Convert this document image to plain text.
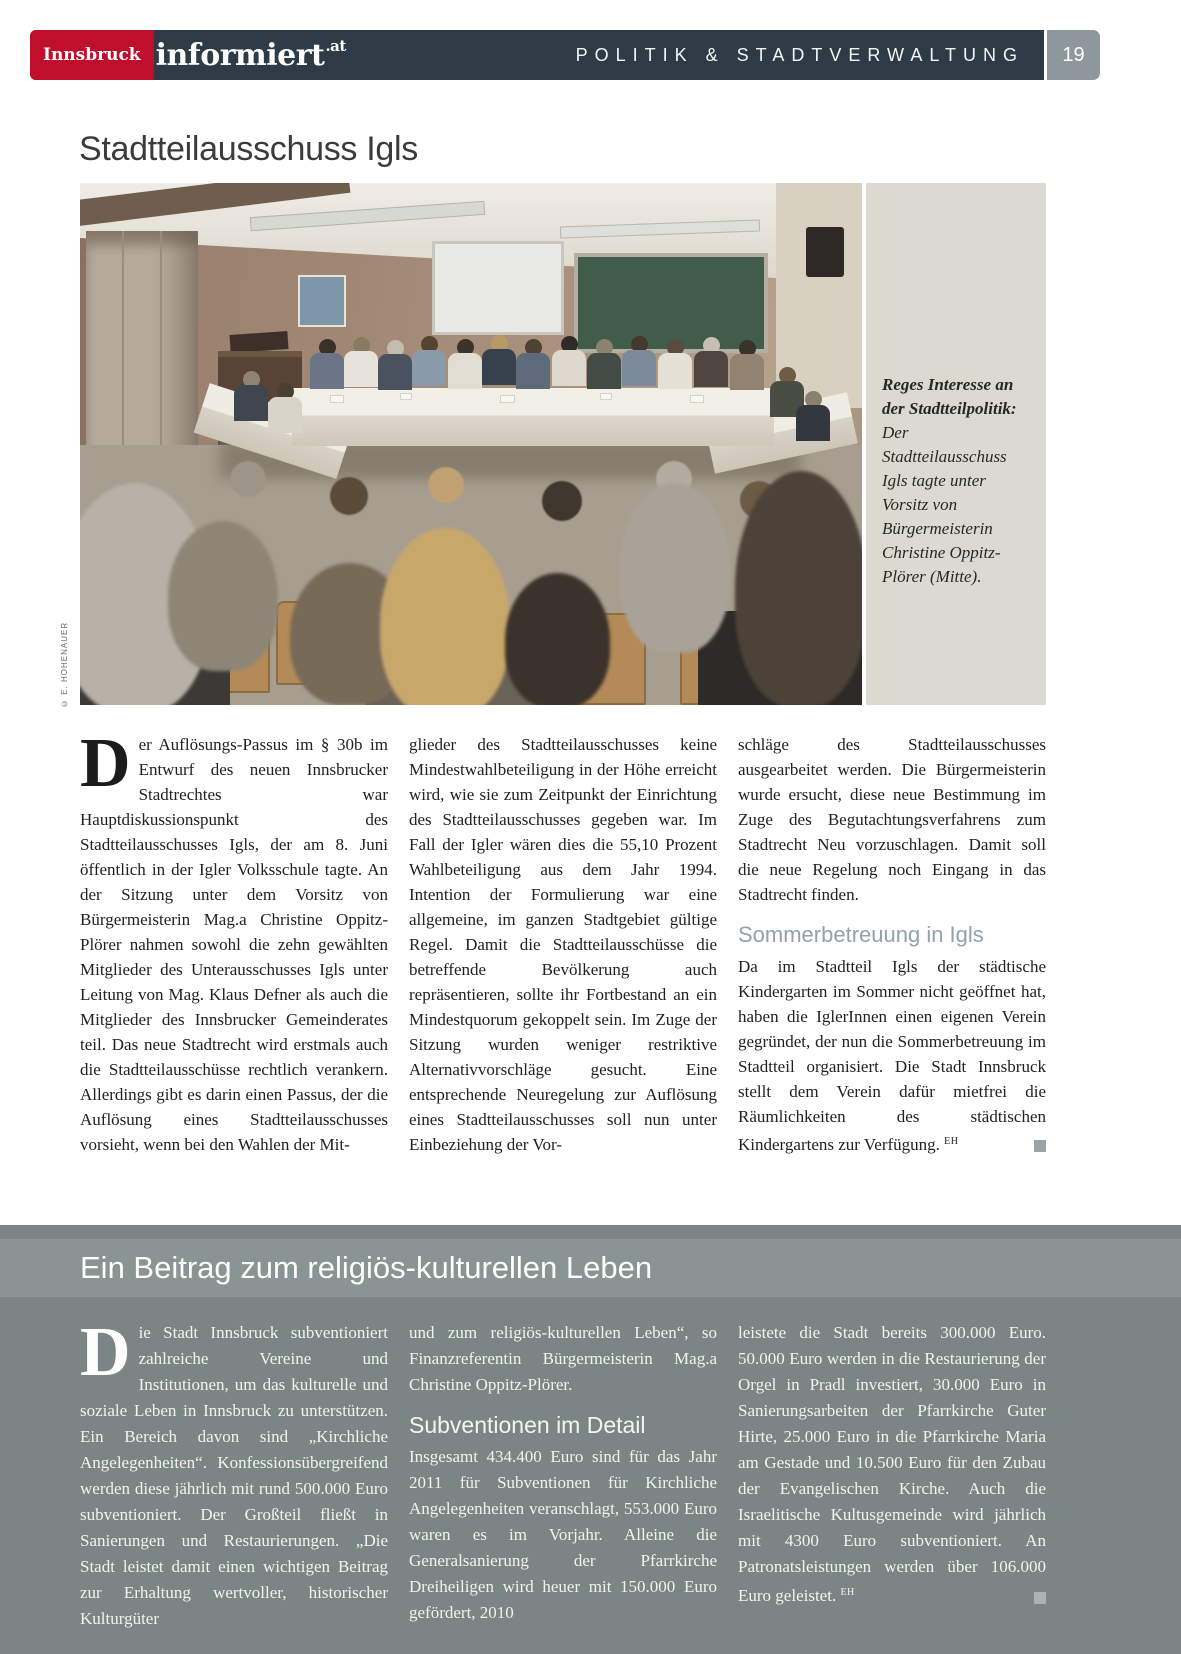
Innsbruck informiert$^{.at}$	POLITIK & STADTVERWALTUNG	19
Stadtteilausschuss Igls
Reges Interesse an der Stadtteilpolitik: Der Stadtteilausschuss Igls tagte unter Vorsitz von Bürgermeisterin Christine Oppitz-Plörer (Mitte).
© E. HOHENAUER

Der Auflösungs-Passus im § 30b im Entwurf des neuen Innsbrucker Stadtrechtes war Hauptdiskussionspunkt des Stadtteilausschusses Igls, der am 8. Juni öffentlich in der Igler Volksschule tagte. An der Sitzung unter dem Vorsitz von Bürgermeisterin Mag.a Christine Oppitz-Plörer nahmen sowohl die zehn gewählten Mitglieder des Unterausschusses Igls unter Leitung von Mag. Klaus Defner als auch die Mitglieder des Innsbrucker Gemeinderates teil. Das neue Stadtrecht wird erstmals auch die Stadtteilausschüsse rechtlich verankern. Allerdings gibt es darin einen Passus, der die Auflösung eines Stadtteilausschusses vorsieht, wenn bei den Wahlen der Mit-

glieder des Stadtteilausschusses keine Mindestwahlbeteiligung in der Höhe erreicht wird, wie sie zum Zeitpunkt der Einrichtung des Stadtteilausschusses gegeben war. Im Fall der Igler wären dies die 55,10 Prozent Wahlbeteiligung aus dem Jahr 1994. Intention der Formulierung war eine allgemeine, im ganzen Stadtgebiet gültige Regel. Damit die Stadtteilausschüsse die betreffende Bevölkerung auch repräsentieren, sollte ihr Fortbestand an ein Mindestquorum gekoppelt sein. Im Zuge der Sitzung wurden weniger restriktive Alternativvorschläge gesucht. Eine entsprechende Neuregelung zur Auflösung eines Stadtteilausschusses soll nun unter Einbeziehung der Vor-

schläge des Stadtteilausschusses ausgearbeitet werden. Die Bürgermeisterin wurde ersucht, diese neue Bestimmung im Zuge des Begutachtungsverfahrens zum Stadtrecht Neu vorzuschlagen. Damit soll die neue Regelung noch Eingang in das Stadtrecht finden.

Sommerbetreuung in Igls

Da im Stadtteil Igls der städtische Kindergarten im Sommer nicht geöffnet hat, haben die IglerInnen einen eigenen Verein gegründet, der nun die Sommerbetreuung im Stadtteil organisiert. Die Stadt Innsbruck stellt dem Verein dafür mietfrei die Räumlichkeiten des städtischen Kindergartens zur Verfügung. $^{EH}$

Ein Beitrag zum religiös-kulturellen Leben

Die Stadt Innsbruck subventioniert zahlreiche Vereine und Institutionen, um das kulturelle und soziale Leben in Innsbruck zu unterstützen. Ein Bereich davon sind „Kirchliche Angelegenheiten“. Konfessionsübergreifend werden diese jährlich mit rund 500.000 Euro subventioniert. Der Großteil fließt in Sanierungen und Restaurierungen. „Die Stadt leistet damit einen wichtigen Beitrag zur Erhaltung wertvoller, historischer Kulturgüter

und zum religiös-kulturellen Leben“, so Finanzreferentin Bürgermeisterin Mag.a Christine Oppitz-Plörer.

Subventionen im Detail

Insgesamt 434.400 Euro sind für das Jahr 2011 für Subventionen für Kirchliche Angelegenheiten veranschlagt, 553.000 Euro waren es im Vorjahr. Alleine die Generalsanierung der Pfarrkirche Dreiheiligen wird heuer mit 150.000 Euro gefördert, 2010

leistete die Stadt bereits 300.000 Euro. 50.000 Euro werden in die Restaurierung der Orgel in Pradl investiert, 30.000 Euro in Sanierungsarbeiten der Pfarrkirche Guter Hirte, 25.000 Euro in die Pfarrkirche Maria am Gestade und 10.500 Euro für den Zubau der Evangelischen Kirche. Auch die Israelitische Kultusgemeinde wird jährlich mit 4300 Euro subventioniert. An Patronatsleistungen werden über 106.000 Euro geleistet. $^{EH}$
